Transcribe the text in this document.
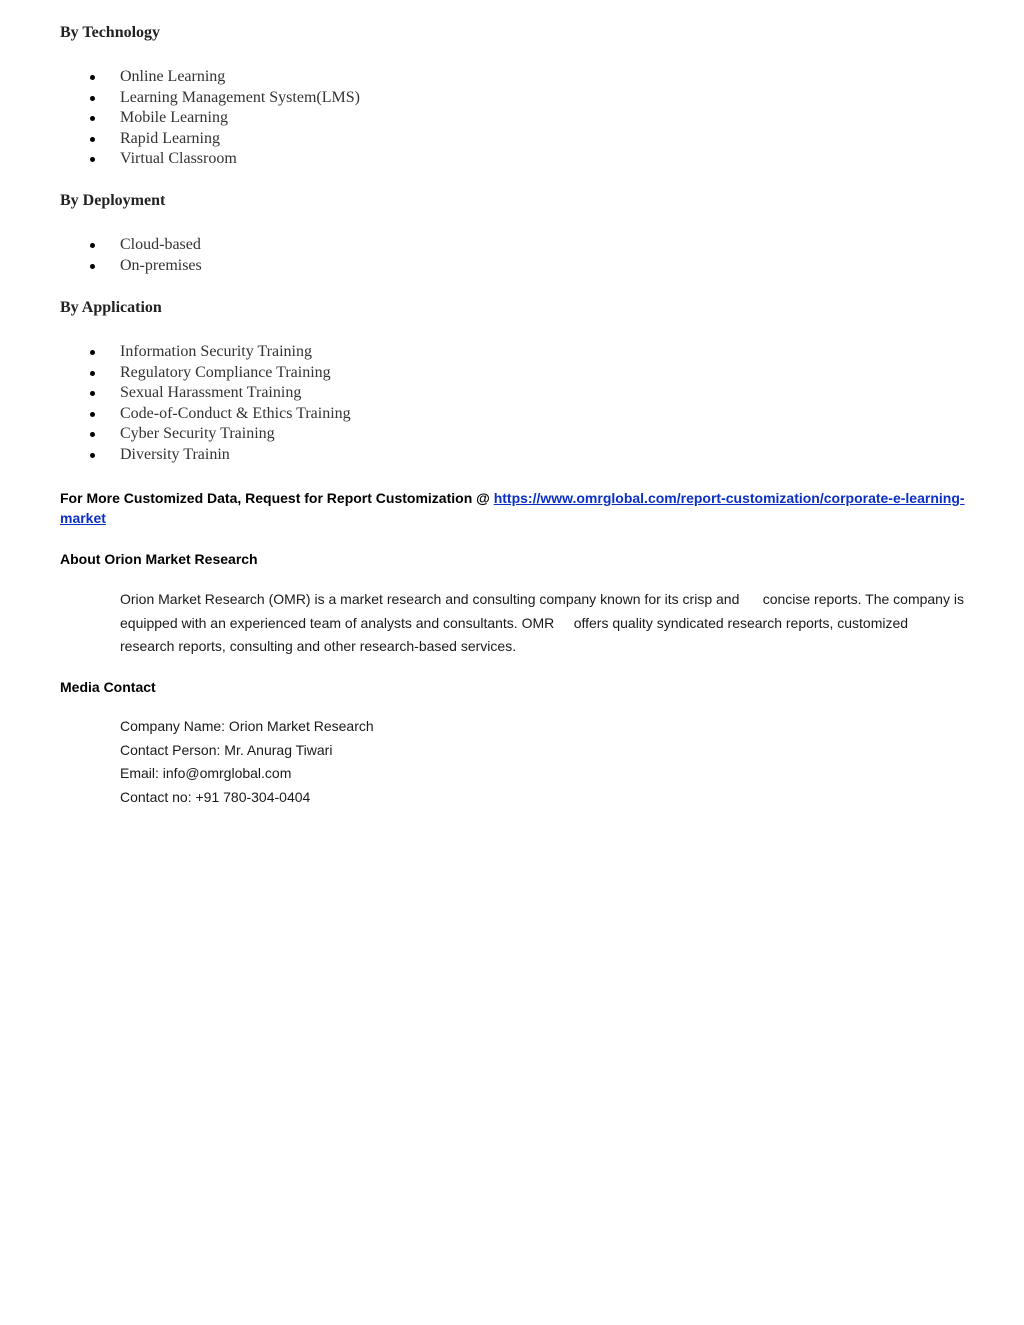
By Technology
Online Learning
Learning Management System(LMS)
Mobile Learning
Rapid Learning
Virtual Classroom
By Deployment
Cloud-based
On-premises
By Application
Information Security Training
Regulatory Compliance Training
Sexual Harassment Training
Code-of-Conduct & Ethics Training
Cyber Security Training
Diversity Trainin
For More Customized Data, Request for Report Customization @ https://www.omrglobal.com/report-customization/corporate-e-learning-market
About Orion Market Research

Orion Market Research (OMR) is a market research and consulting company known for its crisp and      concise reports. The company is equipped with an experienced team of analysts and consultants. OMR     offers quality syndicated research reports, customized research reports, consulting and other research-based services.

Media Contact
Company Name: Orion Market Research
Contact Person: Mr. Anurag Tiwari
Email: info@omrglobal.com
Contact no: +91 780-304-0404
